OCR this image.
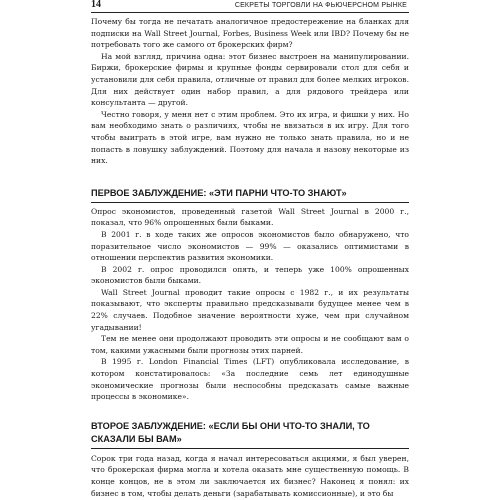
14	СЕКРЕТЫ ТОРГОВЛИ НА ФЬЮЧЕРСНОМ РЫНКЕ

Почему бы тогда не печатать аналогичное предостережение на бланках для подписки на Wall Street Journal, Forbes, Business Week или IBD? Почему бы не потребовать того же самого от брокерских фирм?

На мой взгляд, причина одна: этот бизнес выстроен на манипулировании. Биржи, брокерские фирмы и крупные фонды сервировали стол для себя и установили для себя правила, отличные от правил для более мелких игроков. Для них действует один набор правил, а для рядового трейдера или консультанта — другой.

Честно говоря, у меня нет с этим проблем. Это их игра, и фишки у них. Но вам необходимо знать о различиях, чтобы не ввязаться в их игру. Для того чтобы выиграть в этой игре, вам нужно не только знать правила, но и не попасть в ловушку заблуждений. Поэтому для начала я назову некоторые из них.

ПЕРВОЕ ЗАБЛУЖДЕНИЕ: «ЭТИ ПАРНИ ЧТО-ТО ЗНАЮТ»

Опрос экономистов, проведенный газетой Wall Street Journal в 2000 г., показал, что 96% опрошенных были быками.

В 2001 г. в ходе таких же опросов экономистов было обнаружено, что поразительное число экономистов — 99% — оказались оптимистами в отношении перспектив развития экономики.

В 2002 г. опрос проводился опять, и теперь уже 100% опрошенных экономистов были быками.

Wall Street Journal проводит такие опросы с 1982 г., и их результаты показывают, что эксперты правильно предсказывали будущее менее чем в 22% случаев. Подобное значение вероятности хуже, чем при случайном угадывании!

Тем не менее они продолжают проводить эти опросы и не сообщают вам о том, какими ужасными были прогнозы этих парней.

В 1995 г. London Financial Times (LFT) опубликовала исследование, в котором констатировалось: «За последние семь лет единодушные экономические прогнозы были неспособны предсказать самые важные процессы в экономике».

ВТОРОЕ ЗАБЛУЖДЕНИЕ: «ЕСЛИ БЫ ОНИ ЧТО-ТО ЗНАЛИ, ТО СКАЗАЛИ БЫ ВАМ»

Сорок три года назад, когда я начал интересоваться акциями, я был уверен, что брокерская фирма могла и хотела оказать мне существенную помощь. В конце концов, не в этом ли заключается их бизнес? Наконец я понял: их бизнес в том, чтобы делать деньги (зарабатывать комиссионные), и это бы
